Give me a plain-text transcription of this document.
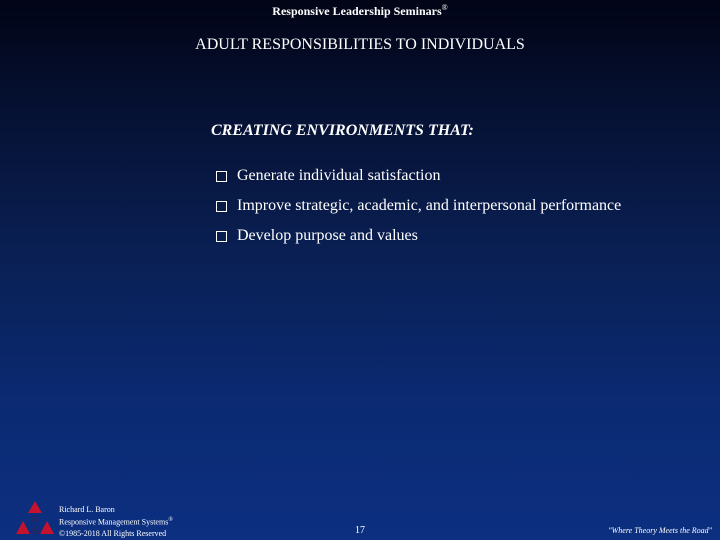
Responsive Leadership Seminars®
ADULT RESPONSIBILITIES TO INDIVIDUALS
CREATING ENVIRONMENTS THAT:
Generate individual satisfaction
Improve strategic, academic, and interpersonal performance
Develop purpose and values
Richard L. Baron
Responsive Management Systems®
©1985-2018 All Rights Reserved	17	"Where Theory Meets the Road"
